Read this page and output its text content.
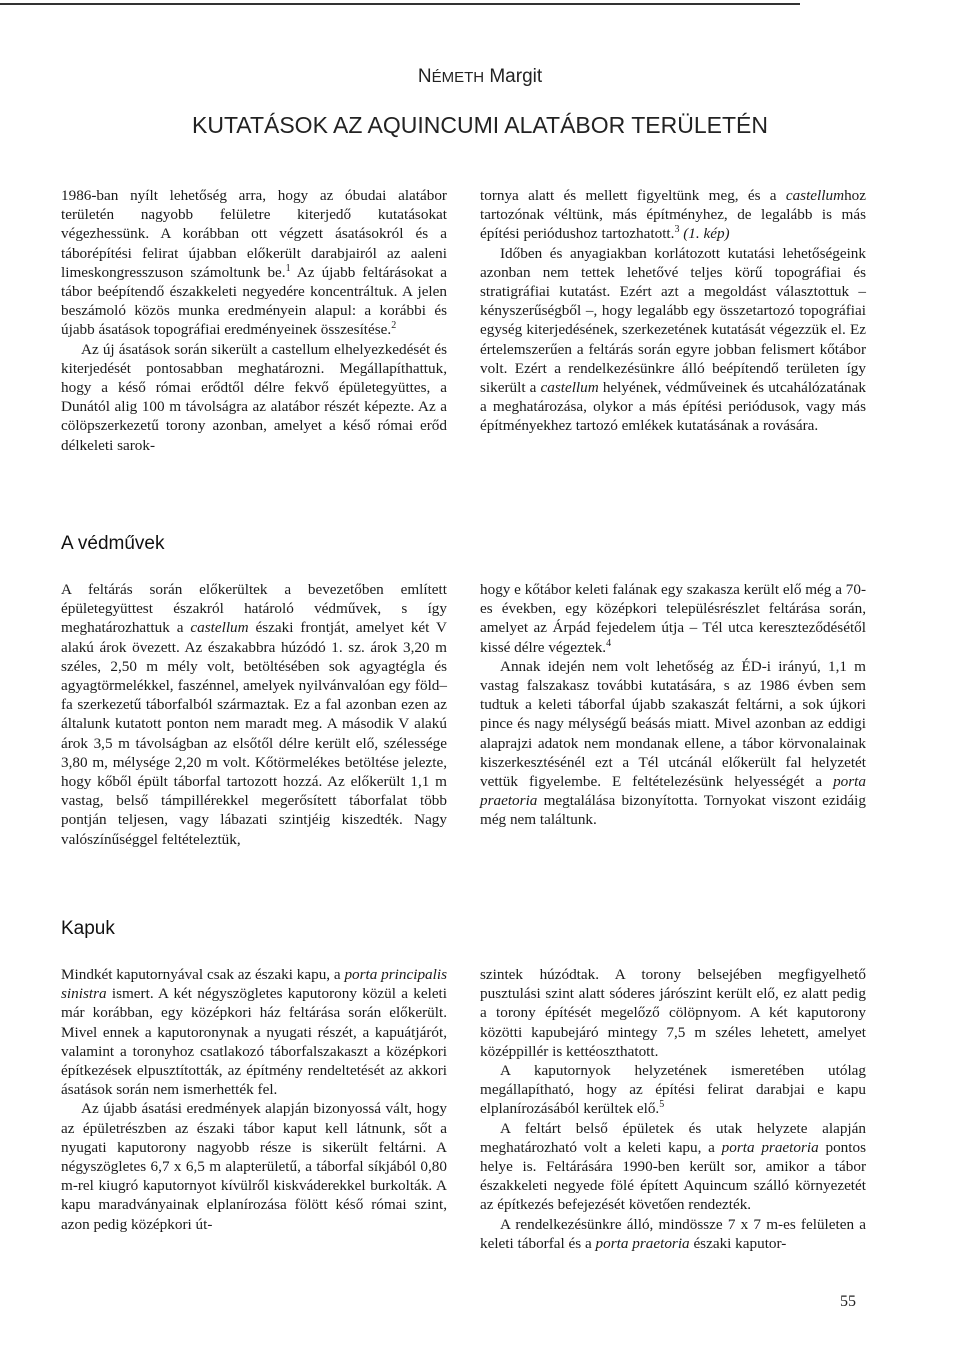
NÉMETH Margit
KUTATÁSOK AZ AQUINCUMI ALATÁBOR TERÜLETÉN

1986-ban nyílt lehetőség arra, hogy az óbudai alatábor területén nagyobb felületre kiterjedő kutatásokat végezhessünk. A korábban ott végzett ásatásokról és a táborépítési felirat újabban előkerült darabjairól az aaleni limeskongresszuson számoltunk be.$^1$ Az újabb feltárásokat a tábor beépítendő északkeleti negyedére koncentráltuk. A jelen beszámoló közös munka eredményein alapul: a korábbi és újabb ásatások topográfiai eredményeinek összesítése.$^2$

Az új ásatások során sikerült a castellum elhelyezkedését és kiterjedését pontosabban meghatározni. Megállapíthattuk, hogy a késő római erődtől délre fekvő épületegyüttes, a Dunától alig 100 m távolságra az alatábor részét képezte. Az a cölöpszerkezetű torony azonban, amelyet a késő római erőd délkeleti sarok-

tornya alatt és mellett figyeltünk meg, és a castellumhoz tartozónak véltünk, más építményhez, de legalább is más építési periódushoz tartozhatott.$^3$ (1. kép)

Időben és anyagiakban korlátozott kutatási lehetőségeink azonban nem tettek lehetővé teljes körű topográfiai és stratigráfiai kutatást. Ezért azt a megoldást választottuk – kényszerűségből –, hogy legalább egy összetartozó topográfiai egység kiterjedésének, szerkezetének kutatását végezzük el. Ez értelemszerűen a feltárás során egyre jobban felismert kőtábor volt. Ezért a rendelkezésünkre álló beépítendő területen így sikerült a castellum helyének, védműveinek és utcahálózatának a meghatározása, olykor a más építési periódusok, vagy más építményekhez tartozó emlékek kutatásának a rovására.

A védművek

A feltárás során előkerültek a bevezetőben említett épületegyüttest északról határoló védművek, s így meghatározhattuk a castellum északi frontját, amelyet két V alakú árok övezett. Az északabbra húzódó 1. sz. árok 3,20 m széles, 2,50 m mély volt, betöltésében sok agyagtégla és agyagtörmelékkel, faszénnel, amelyek nyilvánvalóan egy föld–fa szerkezetű táborfalból származtak. Ez a fal azonban ezen az általunk kutatott ponton nem maradt meg. A második V alakú árok 3,5 m távolságban az elsőtől délre került elő, szélessége 3,80 m, mélysége 2,20 m volt. Kőtörmelékes betöltése jelezte, hogy kőből épült táborfal tartozott hozzá. Az előkerült 1,1 m vastag, belső támpillérekkel megerősített táborfalat több pontján teljesen, vagy lábazati szintjéig kiszedték. Nagy valószínűséggel feltételeztük,

hogy e kőtábor keleti falának egy szakasza került elő még a 70-es években, egy középkori településrészlet feltárása során, amelyet az Árpád fejedelem útja – Tél utca kereszteződésétől kissé délre végeztek.$^4$

Annak idején nem volt lehetőség az ÉD-i irányú, 1,1 m vastag falszakasz további kutatására, s az 1986 évben sem tudtuk a keleti táborfal újabb szakaszát feltárni, a sok újkori pince és nagy mélységű beásás miatt. Mivel azonban az eddigi alaprajzi adatok nem mondanak ellene, a tábor körvonalainak kiszerkesztésénél ezt a Tél utcánál előkerült fal helyzetét vettük figyelembe. E feltételezésünk helyességét a porta praetoria megtalálása bizonyította. Tornyokat viszont ezidáig még nem találtunk.

Kapuk

Mindkét kaputornyával csak az északi kapu, a porta principalis sinistra ismert. A két négyszögletes kaputorony közül a keleti már korábban, egy középkori ház feltárása során előkerült. Mivel ennek a kaputoronynak a nyugati részét, a kapuátjárót, valamint a toronyhoz csatlakozó táborfalszakaszt a középkori építkezések elpusztították, az építmény rendeltetését az akkori ásatások során nem ismerhették fel.

Az újabb ásatási eredmények alapján bizonyossá vált, hogy az épületrészben az északi tábor kaput kell látnunk, sőt a nyugati kaputorony nagyobb része is sikerült feltárni. A négyszögletes 6,7 x 6,5 m alapterületű, a táborfal síkjából 0,80 m-rel kiugró kaputornyot kívülről kiskváderekkel burkolták. A kapu maradványainak elplanírozása fölött késő római szint, azon pedig középkori út-

szintek húzódtak. A torony belsejében megfigyelhető pusztulási szint alatt sóderes járószint került elő, ez alatt pedig a torony építését megelőző cölöpnyom. A két kaputorony közötti kapubejáró mintegy 7,5 m széles lehetett, amelyet középpillér is kettéoszthatott.

A kaputornyok helyzetének ismeretében utólag megállapítható, hogy az építési felirat darabjai e kapu elplanírozásából kerültek elő.$^5$

A feltárt belső épületek és utak helyzete alapján meghatározható volt a keleti kapu, a porta praetoria pontos helye is. Feltárására 1990-ben került sor, amikor a tábor északkeleti negyede fölé épített Aquincum szálló környezetét az építkezés befejezését követően rendezték.

A rendelkezésünkre álló, mindössze 7 x 7 m-es felületen a keleti táborfal és a porta praetoria északi kaputor-

55
